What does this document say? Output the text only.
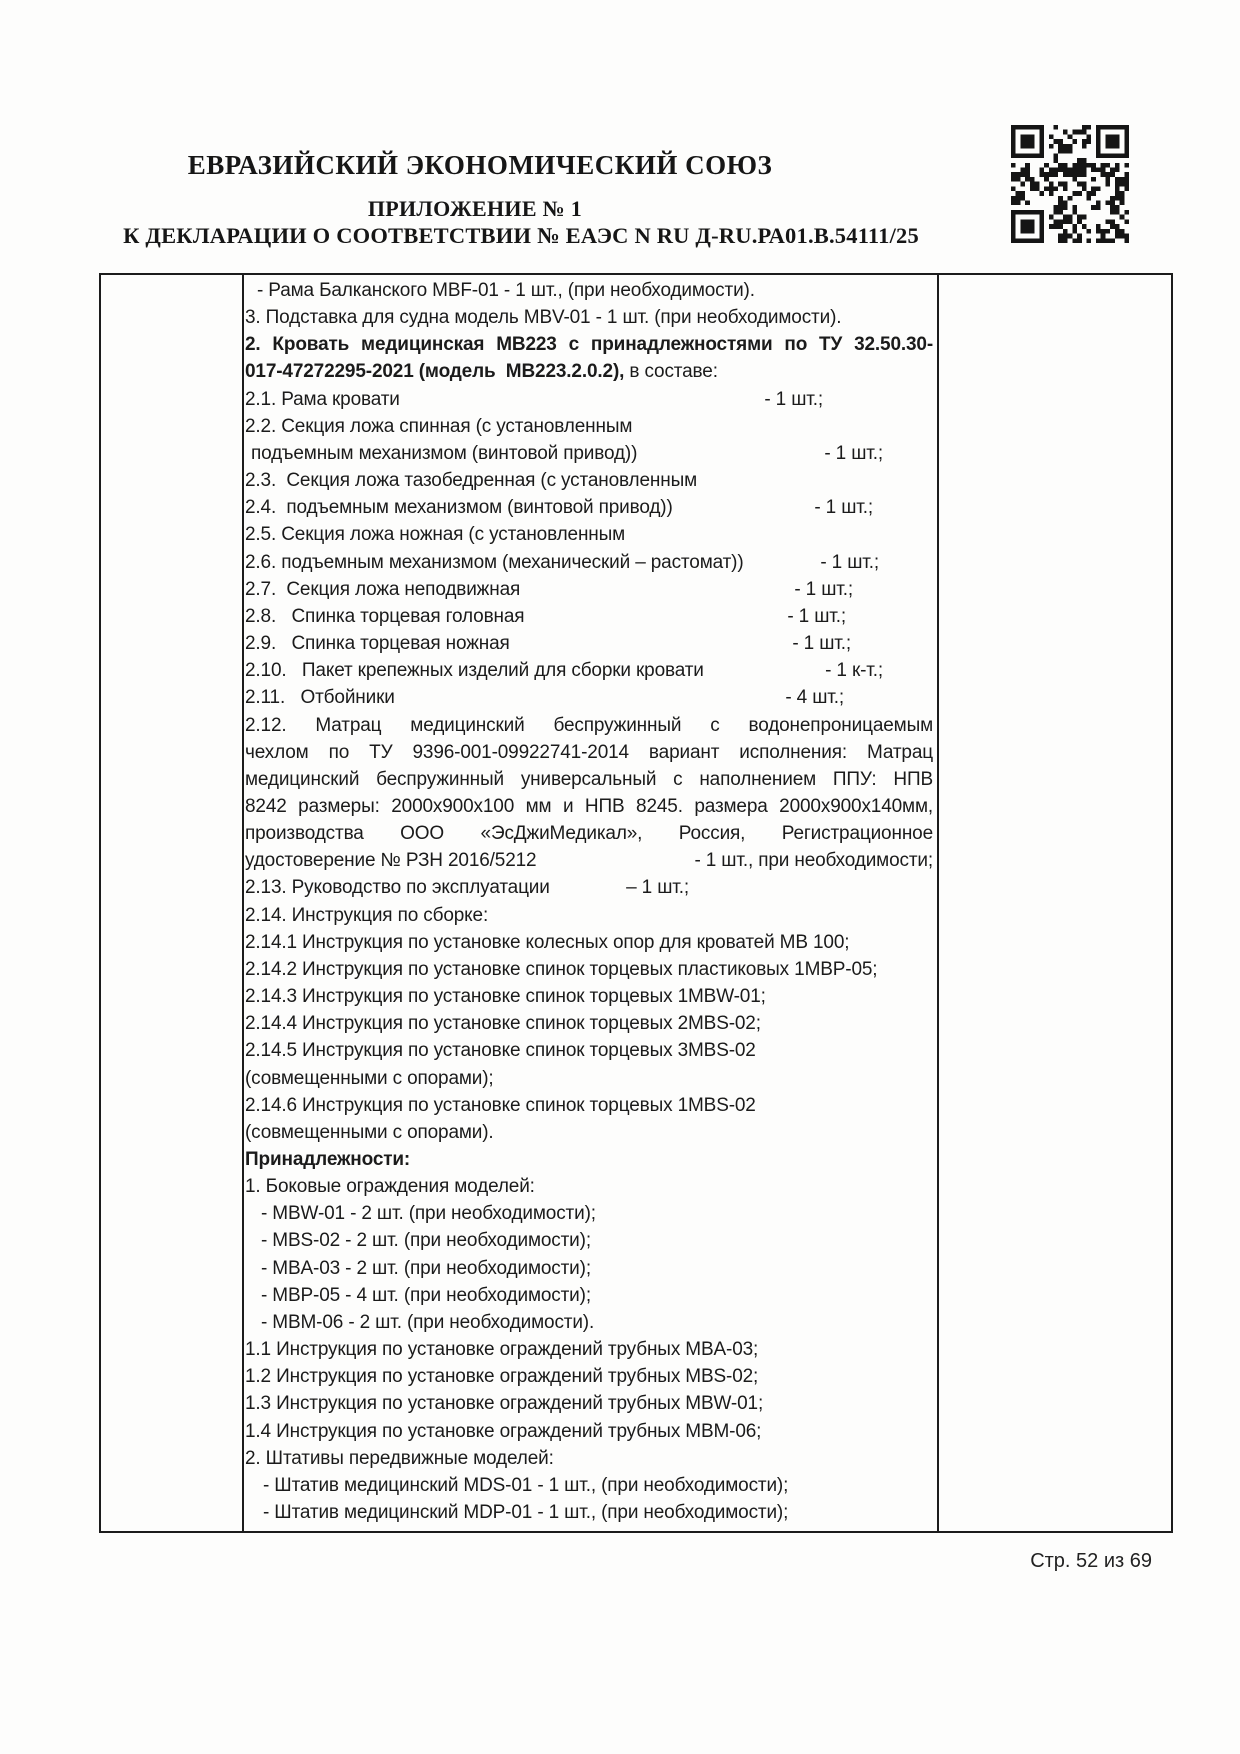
ЕВРАЗИЙСКИЙ ЭКОНОМИЧЕСКИЙ СОЮЗ
ПРИЛОЖЕНИЕ № 1
К ДЕКЛАРАЦИИ О СООТВЕТСТВИИ № ЕАЭС N RU Д-RU.РА01.В.54111/25
- Рама Балканского MBF-01 - 1 шт., (при необходимости).
3. Подставка для судна модель MBV-01 - 1 шт. (при необходимости).
2. Кровать медицинская МВ223 с принадлежностями по ТУ 32.50.30-
017-47272295-2021 (модель  МВ223.2.0.2), в составе:
2.1. Рама кровати	- 1 шт.;
2.2. Секция ложа спинная (с установленным
подъемным механизмом (винтовой привод))	- 1 шт.;
2.3.  Секция ложа тазобедренная (с установленным
2.4.  подъемным механизмом (винтовой привод))	- 1 шт.;
2.5. Секция ложа ножная (с установленным
2.6. подъемным механизмом (механический – растомат))	- 1 шт.;
2.7.  Секция ложа неподвижная	- 1 шт.;
2.8.   Спинка торцевая головная	- 1 шт.;
2.9.   Спинка торцевая ножная	- 1 шт.;
2.10.   Пакет крепежных изделий для сборки кровати	- 1 к-т.;
2.11.   Отбойники	- 4 шт.;
2.12. Матрац медицинский беспружинный с водонепроницаемым
чехлом по ТУ 9396-001-09922741-2014 вариант исполнения: Матрац
медицинский беспружинный универсальный с наполнением ППУ: НПВ
8242 размеры: 2000х900х100 мм и НПВ 8245. размера 2000х900х140мм,
производства ООО «ЭсДжиМедикал», Россия, Регистрационное
удостоверение № РЗН 2016/5212	- 1 шт., при необходимости;
2.13. Руководство по эксплуатации	– 1 шт.;
2.14. Инструкция по сборке:
2.14.1 Инструкция по установке колесных опор для кроватей МВ 100;
2.14.2 Инструкция по установке спинок торцевых пластиковых 1МВР-05;
2.14.3 Инструкция по установке спинок торцевых 1MBW-01;
2.14.4 Инструкция по установке спинок торцевых 2MBS-02;
2.14.5 Инструкция по установке спинок торцевых 3MBS-02
(совмещенными с опорами);
2.14.6 Инструкция по установке спинок торцевых 1MBS-02
(совмещенными с опорами).
Принадлежности:
1. Боковые ограждения моделей:
- MBW-01 - 2 шт. (при необходимости);
- MBS-02 - 2 шт. (при необходимости);
- MBA-03 - 2 шт. (при необходимости);
- MBP-05 - 4 шт. (при необходимости);
- MBM-06 - 2 шт. (при необходимости).
1.1 Инструкция по установке ограждений трубных MBA-03;
1.2 Инструкция по установке ограждений трубных MBS-02;
1.3 Инструкция по установке ограждений трубных MBW-01;
1.4 Инструкция по установке ограждений трубных MBM-06;
2. Штативы передвижные моделей:
- Штатив медицинский MDS-01 - 1 шт., (при необходимости);
- Штатив медицинский MDP-01 - 1 шт., (при необходимости);
Стр. 52 из 69
